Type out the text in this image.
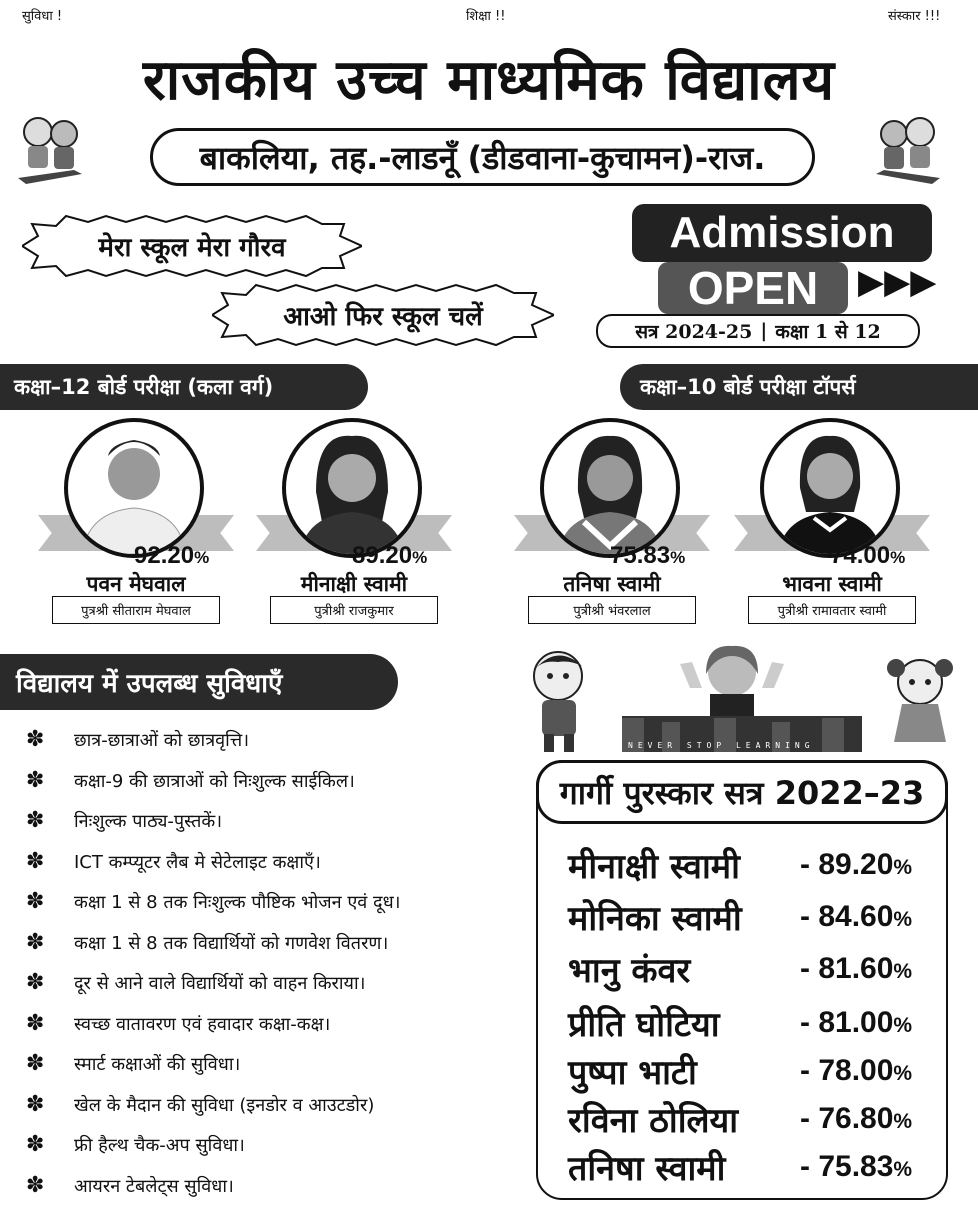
सुविधा !	शिक्षा !!	संस्कार !!!
राजकीय उच्च माध्यमिक विद्यालय
बाकलिया, तह.-लाडनूँ (डीडवाना-कुचामन)-राज.
मेरा स्कूल मेरा गौरव
आओ फिर स्कूल चलें
Admission
OPEN	▶▶▶
सत्र 2024-25 | कक्षा 1 से 12
कक्षा–12 बोर्ड परीक्षा (कला वर्ग)	कक्षा–10 बोर्ड परीक्षा टॉपर्स
92.20%
पवन मेघवाल
पुत्रश्री सीताराम मेघवाल
89.20%
मीनाक्षी स्वामी
पुत्रीश्री राजकुमार
75.83%
तनिषा स्वामी
पुत्रीश्री भंवरलाल
74.00%
भावना स्वामी
पुत्रीश्री रामावतार स्वामी
विद्यालय में उपलब्ध सुविधाएँ
✽ छात्र-छात्राओं को छात्रवृत्ति।
✽ कक्षा-9 की छात्राओं को निःशुल्क साईकिल।
✽ निःशुल्क पाठ्य-पुस्तकें।
✽ ICT कम्प्यूटर लैब मे सेटेलाइट कक्षाएँ।
✽ कक्षा 1 से 8 तक निःशुल्क पौष्टिक भोजन एवं दूध।
✽ कक्षा 1 से 8 तक विद्यार्थियों को गणवेश वितरण।
✽ दूर से आने वाले विद्यार्थियों को वाहन किराया।
✽ स्वच्छ वातावरण एवं हवादार कक्षा-कक्ष।
✽ स्मार्ट कक्षाओं की सुविधा।
✽ खेल के मैदान की सुविधा (इनडोर व आउटडोर)
✽ फ्री हैल्थ चैक-अप सुविधा।
✽ आयरन टेबलेट्स सुविधा।
NEVER STOP LEARNING
गार्गी पुरस्कार सत्र 2022–23
मीनाक्षी स्वामी	- 89.20%
मोनिका स्वामी	- 84.60%
भानु कंवर	- 81.60%
प्रीति घोटिया	- 81.00%
पुष्पा भाटी	- 78.00%
रविना ठोलिया	- 76.80%
तनिषा स्वामी	- 75.83%
